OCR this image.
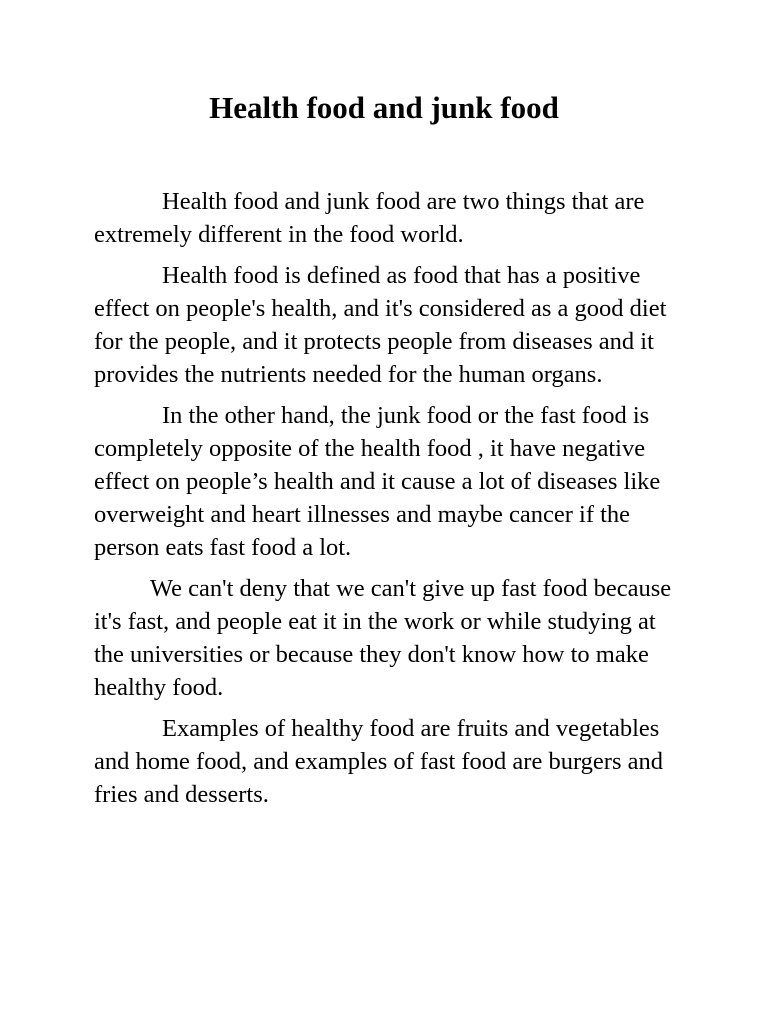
Health food and junk food

Health food and junk food are two things that are extremely different in the food world.

Health food is defined as food that has a positive effect on people's health, and it's considered as a good diet for the people, and it protects people from diseases and it provides the nutrients needed for the human organs.

In the other hand, the junk food or the fast food is completely opposite of the health food , it have negative effect on people’s health and it cause a lot of diseases like overweight and heart illnesses and maybe cancer if the person eats fast food a lot.

We can't deny that we can't give up fast food because it's fast, and people eat it in the work or while studying at the universities or because they don't know how to make healthy food.

Examples of healthy food are fruits and vegetables and home food, and examples of fast food are burgers and fries and desserts.
